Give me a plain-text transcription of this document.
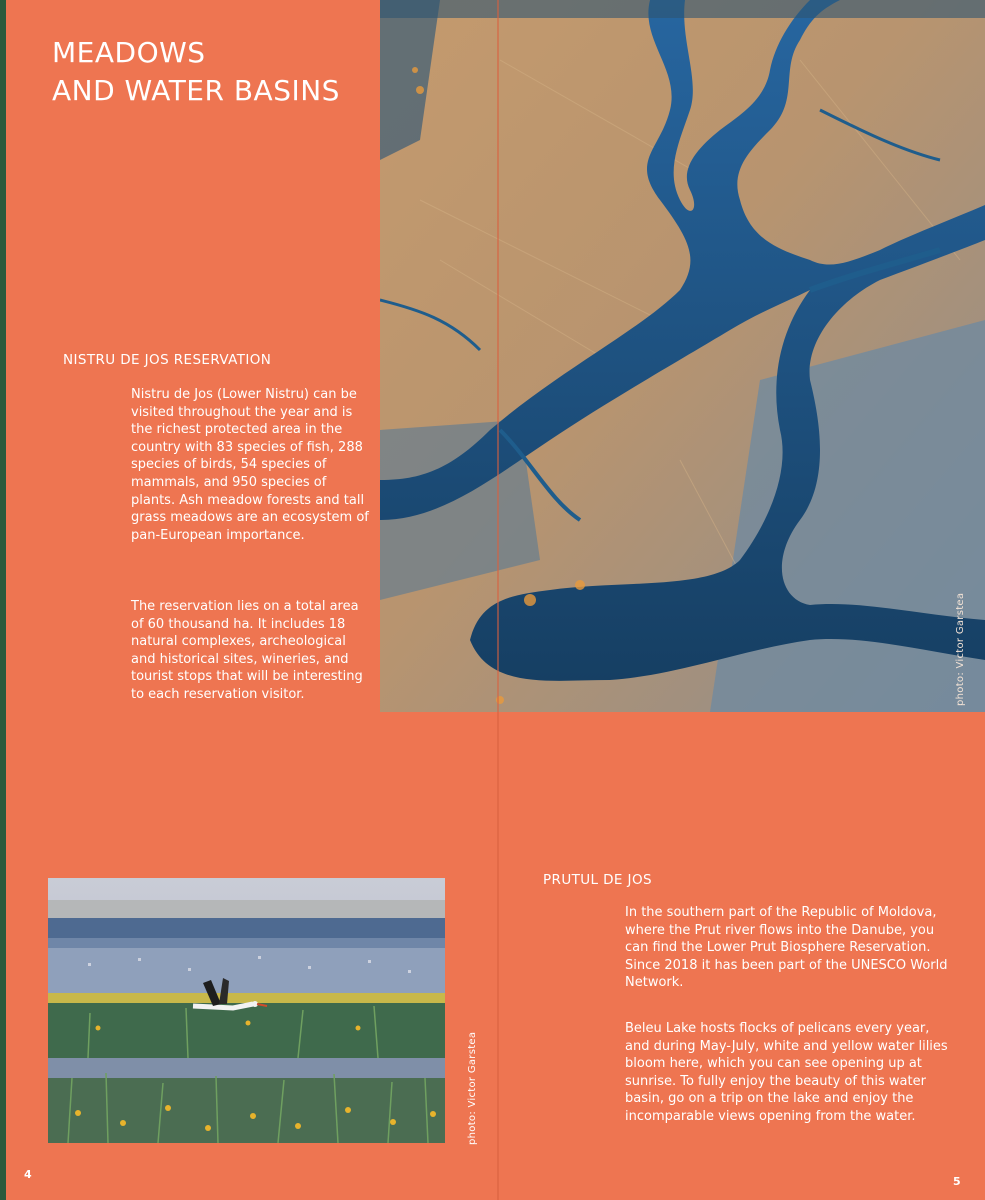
MEADOWS
AND WATER BASINS
NISTRU DE JOS RESERVATION

Nistru de Jos (Lower Nistru) can be visited throughout the year and is the richest protected area in the country with 83 species of fish, 288 species of birds, 54 species of mammals, and 950 species of plants. Ash meadow forests and tall grass meadows are an ecosystem of pan-European importance.

The reservation lies on a total area of 60 thousand ha. It includes 18 natural complexes, archeological and historical sites, wineries, and tourist stops that will be interesting to each reservation visitor.	photo: Victor Garstea
photo: Victor Garstea
PRUTUL DE JOS

In the southern part of the Republic of Moldova, where the Prut river flows into the Danube, you can find the Lower Prut Biosphere Reservation. Since 2018 it has been part of the UNESCO World Network.

Beleu Lake hosts flocks of pelicans every year, and during May-July, white and yellow water lilies bloom here, which you can see opening up at sunrise. To fully enjoy the beauty of this water basin, go on a trip on the lake and enjoy the incomparable views opening from the water.

4
5
